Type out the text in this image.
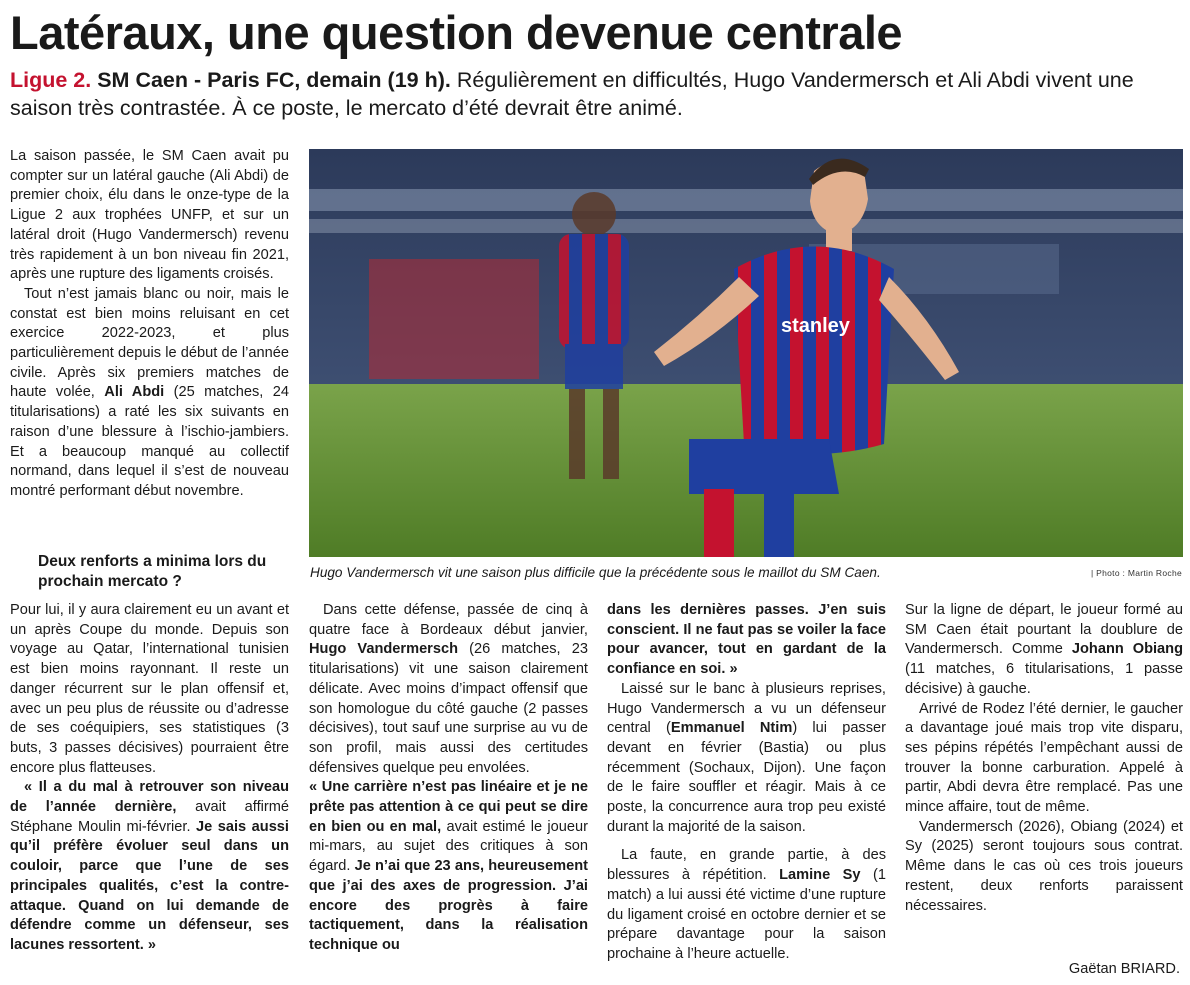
Latéraux, une question devenue centrale
Ligue 2. SM Caen - Paris FC, demain (19 h). Régulièrement en difficultés, Hugo Vandermersch et Ali Abdi vivent une saison très contrastée. À ce poste, le mercato d’été devrait être animé.

La saison passée, le SM Caen avait pu compter sur un latéral gauche (Ali Abdi) de premier choix, élu dans le onze-type de la Ligue 2 aux trophées UNFP, et sur un latéral droit (Hugo Vandermersch) revenu très rapidement à un bon niveau fin 2021, après une rupture des ligaments croisés.

Tout n’est jamais blanc ou noir, mais le constat est bien moins reluisant en cet exercice 2022-2023, et plus particulièrement depuis le début de l’année civile. Après six premiers matches de haute volée, Ali Abdi (25 matches, 24 titularisations) a raté les six suivants en raison d’une blessure à l’ischio-jambiers. Et a beaucoup manqué au collectif normand, dans lequel il s’est de nouveau montré performant début novembre.

Deux renforts a minima lors du prochain mercato ?
stanley
Hugo Vandermersch vit une saison plus difficile que la précédente sous le maillot du SM Caen.	| Photo : Martin Roche

Pour lui, il y aura clairement eu un avant et un après Coupe du monde. Depuis son voyage au Qatar, l’international tunisien est bien moins rayonnant. Il reste un danger récurrent sur le plan offensif et, avec un peu plus de réussite ou d’adresse de ses coéquipiers, ses statistiques (3 buts, 3 passes décisives) pourraient être encore plus flatteuses.

« Il a du mal à retrouver son niveau de l’année dernière, avait affirmé Stéphane Moulin mi-février. Je sais aussi qu’il préfère évoluer seul dans un couloir, parce que l’une de ses principales qualités, c’est la contre-attaque. Quand on lui demande de défendre comme un défenseur, ses lacunes ressortent. »

Dans cette défense, passée de cinq à quatre face à Bordeaux début janvier, Hugo Vandermersch (26 matches, 23 titularisations) vit une saison clairement délicate. Avec moins d’impact offensif que son homologue du côté gauche (2 passes décisives), tout sauf une surprise au vu de son profil, mais aussi des certitudes défensives quelque peu envolées.

« Une carrière n’est pas linéaire et je ne prête pas attention à ce qui peut se dire en bien ou en mal, avait estimé le joueur mi-mars, au sujet des critiques à son égard. Je n’ai que 23 ans, heureusement que j’ai des axes de progression. J’ai encore des progrès à faire tactiquement, dans la réalisation technique ou

dans les dernières passes. J’en suis conscient. Il ne faut pas se voiler la face pour avancer, tout en gardant de la confiance en soi. »

Laissé sur le banc à plusieurs reprises, Hugo Vandermersch a vu un défenseur central (Emmanuel Ntim) lui passer devant en février (Bastia) ou plus récemment (Sochaux, Dijon). Une façon de le faire souffler et réagir. Mais à ce poste, la concurrence aura trop peu existé durant la majorité de la saison.

La faute, en grande partie, à des blessures à répétition. Lamine Sy (1 match) a lui aussi été victime d’une rupture du ligament croisé en octobre dernier et se prépare davantage pour la saison prochaine à l’heure actuelle.

Sur la ligne de départ, le joueur formé au SM Caen était pourtant la doublure de Vandermersch. Comme Johann Obiang (11 matches, 6 titularisations, 1 passe décisive) à gauche.

Arrivé de Rodez l’été dernier, le gaucher a davantage joué mais trop vite disparu, ses pépins répétés l’empêchant aussi de trouver la bonne carburation. Appelé à partir, Abdi devra être remplacé. Pas une mince affaire, tout de même.

Vandermersch (2026), Obiang (2024) et Sy (2025) seront toujours sous contrat. Même dans le cas où ces trois joueurs restent, deux renforts paraissent nécessaires.

Gaëtan BRIARD.
